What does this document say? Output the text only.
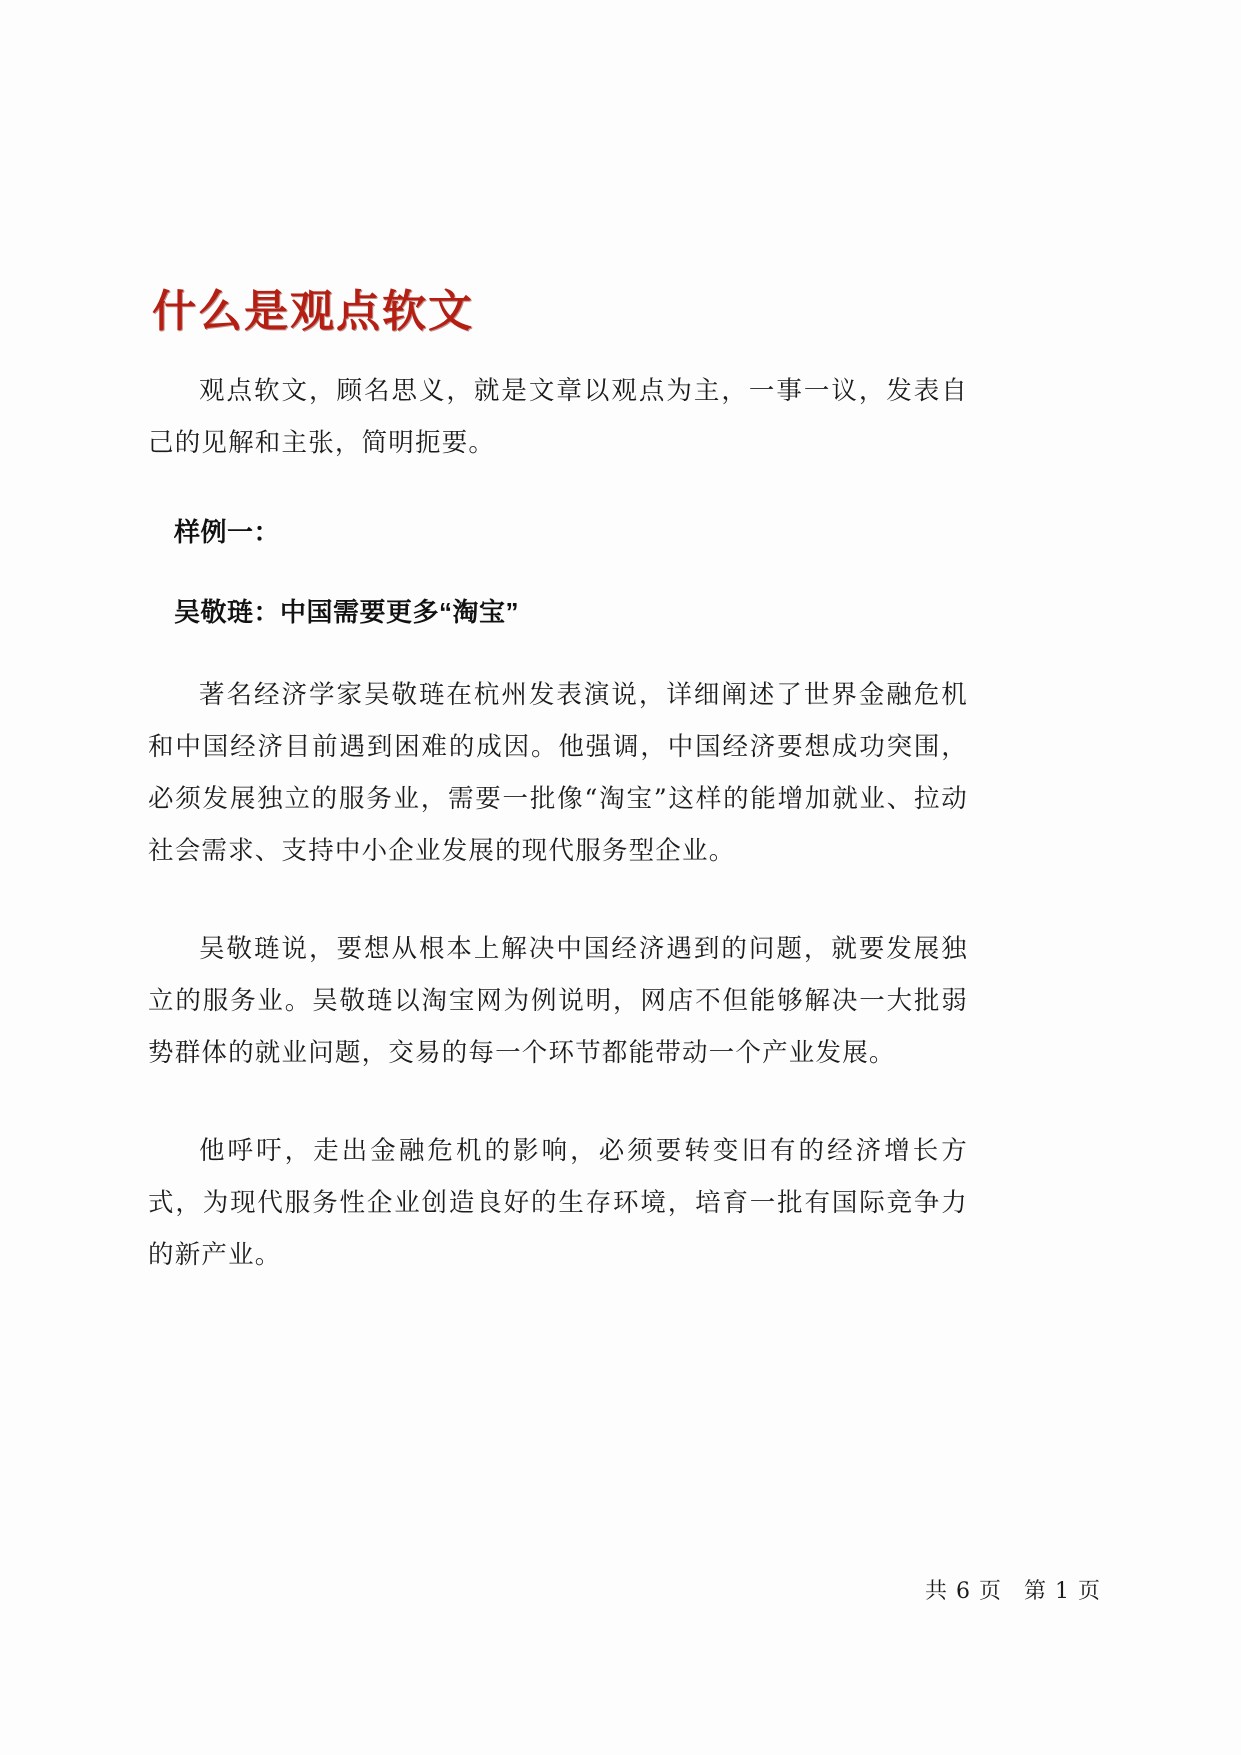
什么是观点软文

观点软文，顾名思义，就是文章以观点为主，一事一议，发表自己的见解和主张，简明扼要。

样例一：

吴敬琏：中国需要更多“淘宝”

著名经济学家吴敬琏在杭州发表演说，详细阐述了世界金融危机和中国经济目前遇到困难的成因。他强调，中国经济要想成功突围，必须发展独立的服务业，需要一批像“淘宝”这样的能增加就业、拉动社会需求、支持中小企业发展的现代服务型企业。

吴敬琏说，要想从根本上解决中国经济遇到的问题，就要发展独立的服务业。吴敬琏以淘宝网为例说明，网店不但能够解决一大批弱势群体的就业问题，交易的每一个环节都能带动一个产业发展。

他呼吁，走出金融危机的影响，必须要转变旧有的经济增长方式，为现代服务性企业创造良好的生存环境，培育一批有国际竞争力的新产业。

共 6 页 第 1 页
